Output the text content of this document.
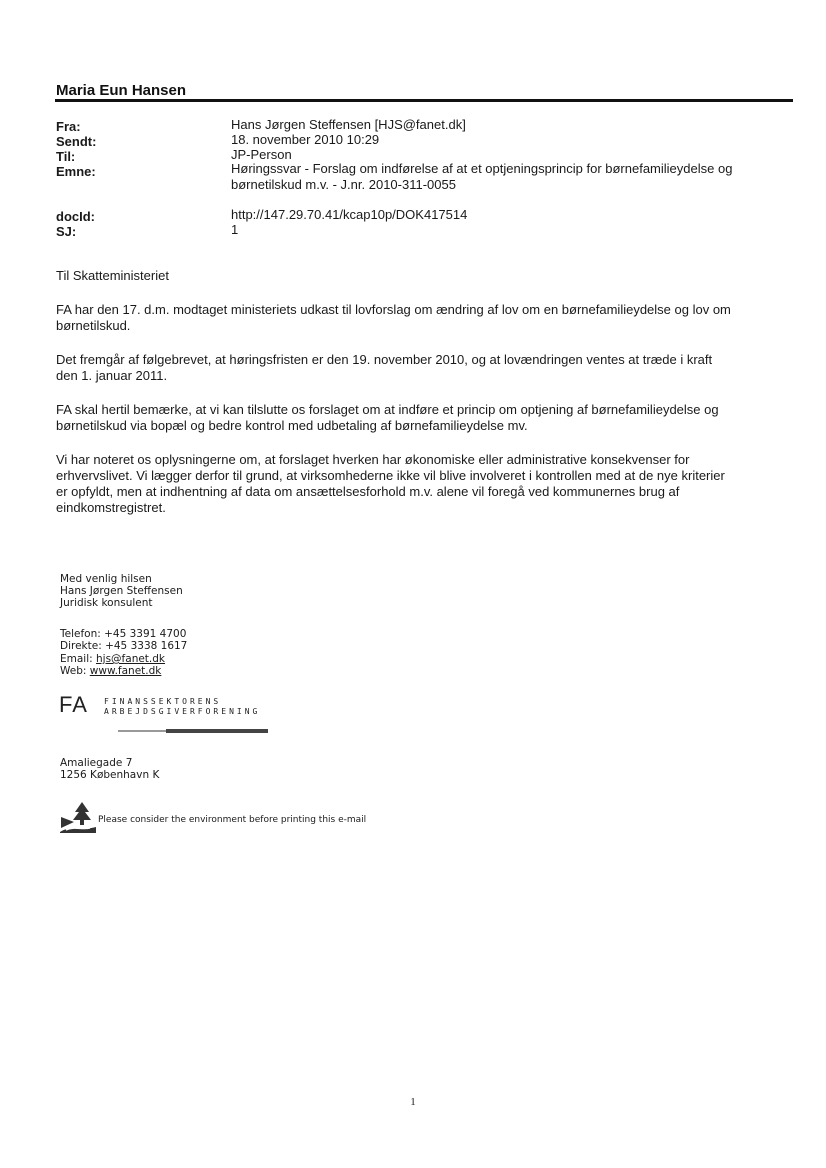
Maria Eun Hansen
Fra:	Hans Jørgen Steffensen [HJS@fanet.dk]
Sendt:	18. november 2010 10:29
Til:	JP-Person
Emne:	Høringssvar - Forslag om indførelse af at et optjeningsprincip for børnefamilieydelse og
børnetilskud m.v. - J.nr. 2010-311-0055
docId:	http://147.29.70.41/kcap10p/DOK417514
SJ:	1
Til Skatteministeriet
FA har den 17. d.m. modtaget ministeriets udkast til lovforslag om ændring af lov om en børnefamilieydelse og lov om
børnetilskud.
Det fremgår af følgebrevet, at høringsfristen er den 19. november 2010, og at lovændringen ventes at træde i kraft
den 1. januar 2011.
FA skal hertil bemærke, at vi kan tilslutte os forslaget om at indføre et princip om optjening af børnefamilieydelse og
børnetilskud via bopæl og bedre kontrol med udbetaling af børnefamilieydelse mv.
Vi har noteret os oplysningerne om, at forslaget hverken har økonomiske eller administrative konsekvenser for
erhvervslivet. Vi lægger derfor til grund, at virksomhederne ikke vil blive involveret i kontrollen med at de nye kriterier
er opfyldt, men at indhentning af data om ansættelsesforhold m.v. alene vil foregå ved kommunernes brug af
eindkomstregistret.
Med venlig hilsen
Hans Jørgen Steffensen
Juridisk konsulent
Telefon: +45 3391 4700
Direkte: +45 3338 1617
Email: hjs@fanet.dk
Web: www.fanet.dk
FA FINANSSEKTORENS
ARBEJDSGIVERFORENING
Amaliegade 7
1256 København K
Please consider the environment before printing this e-mail
1
